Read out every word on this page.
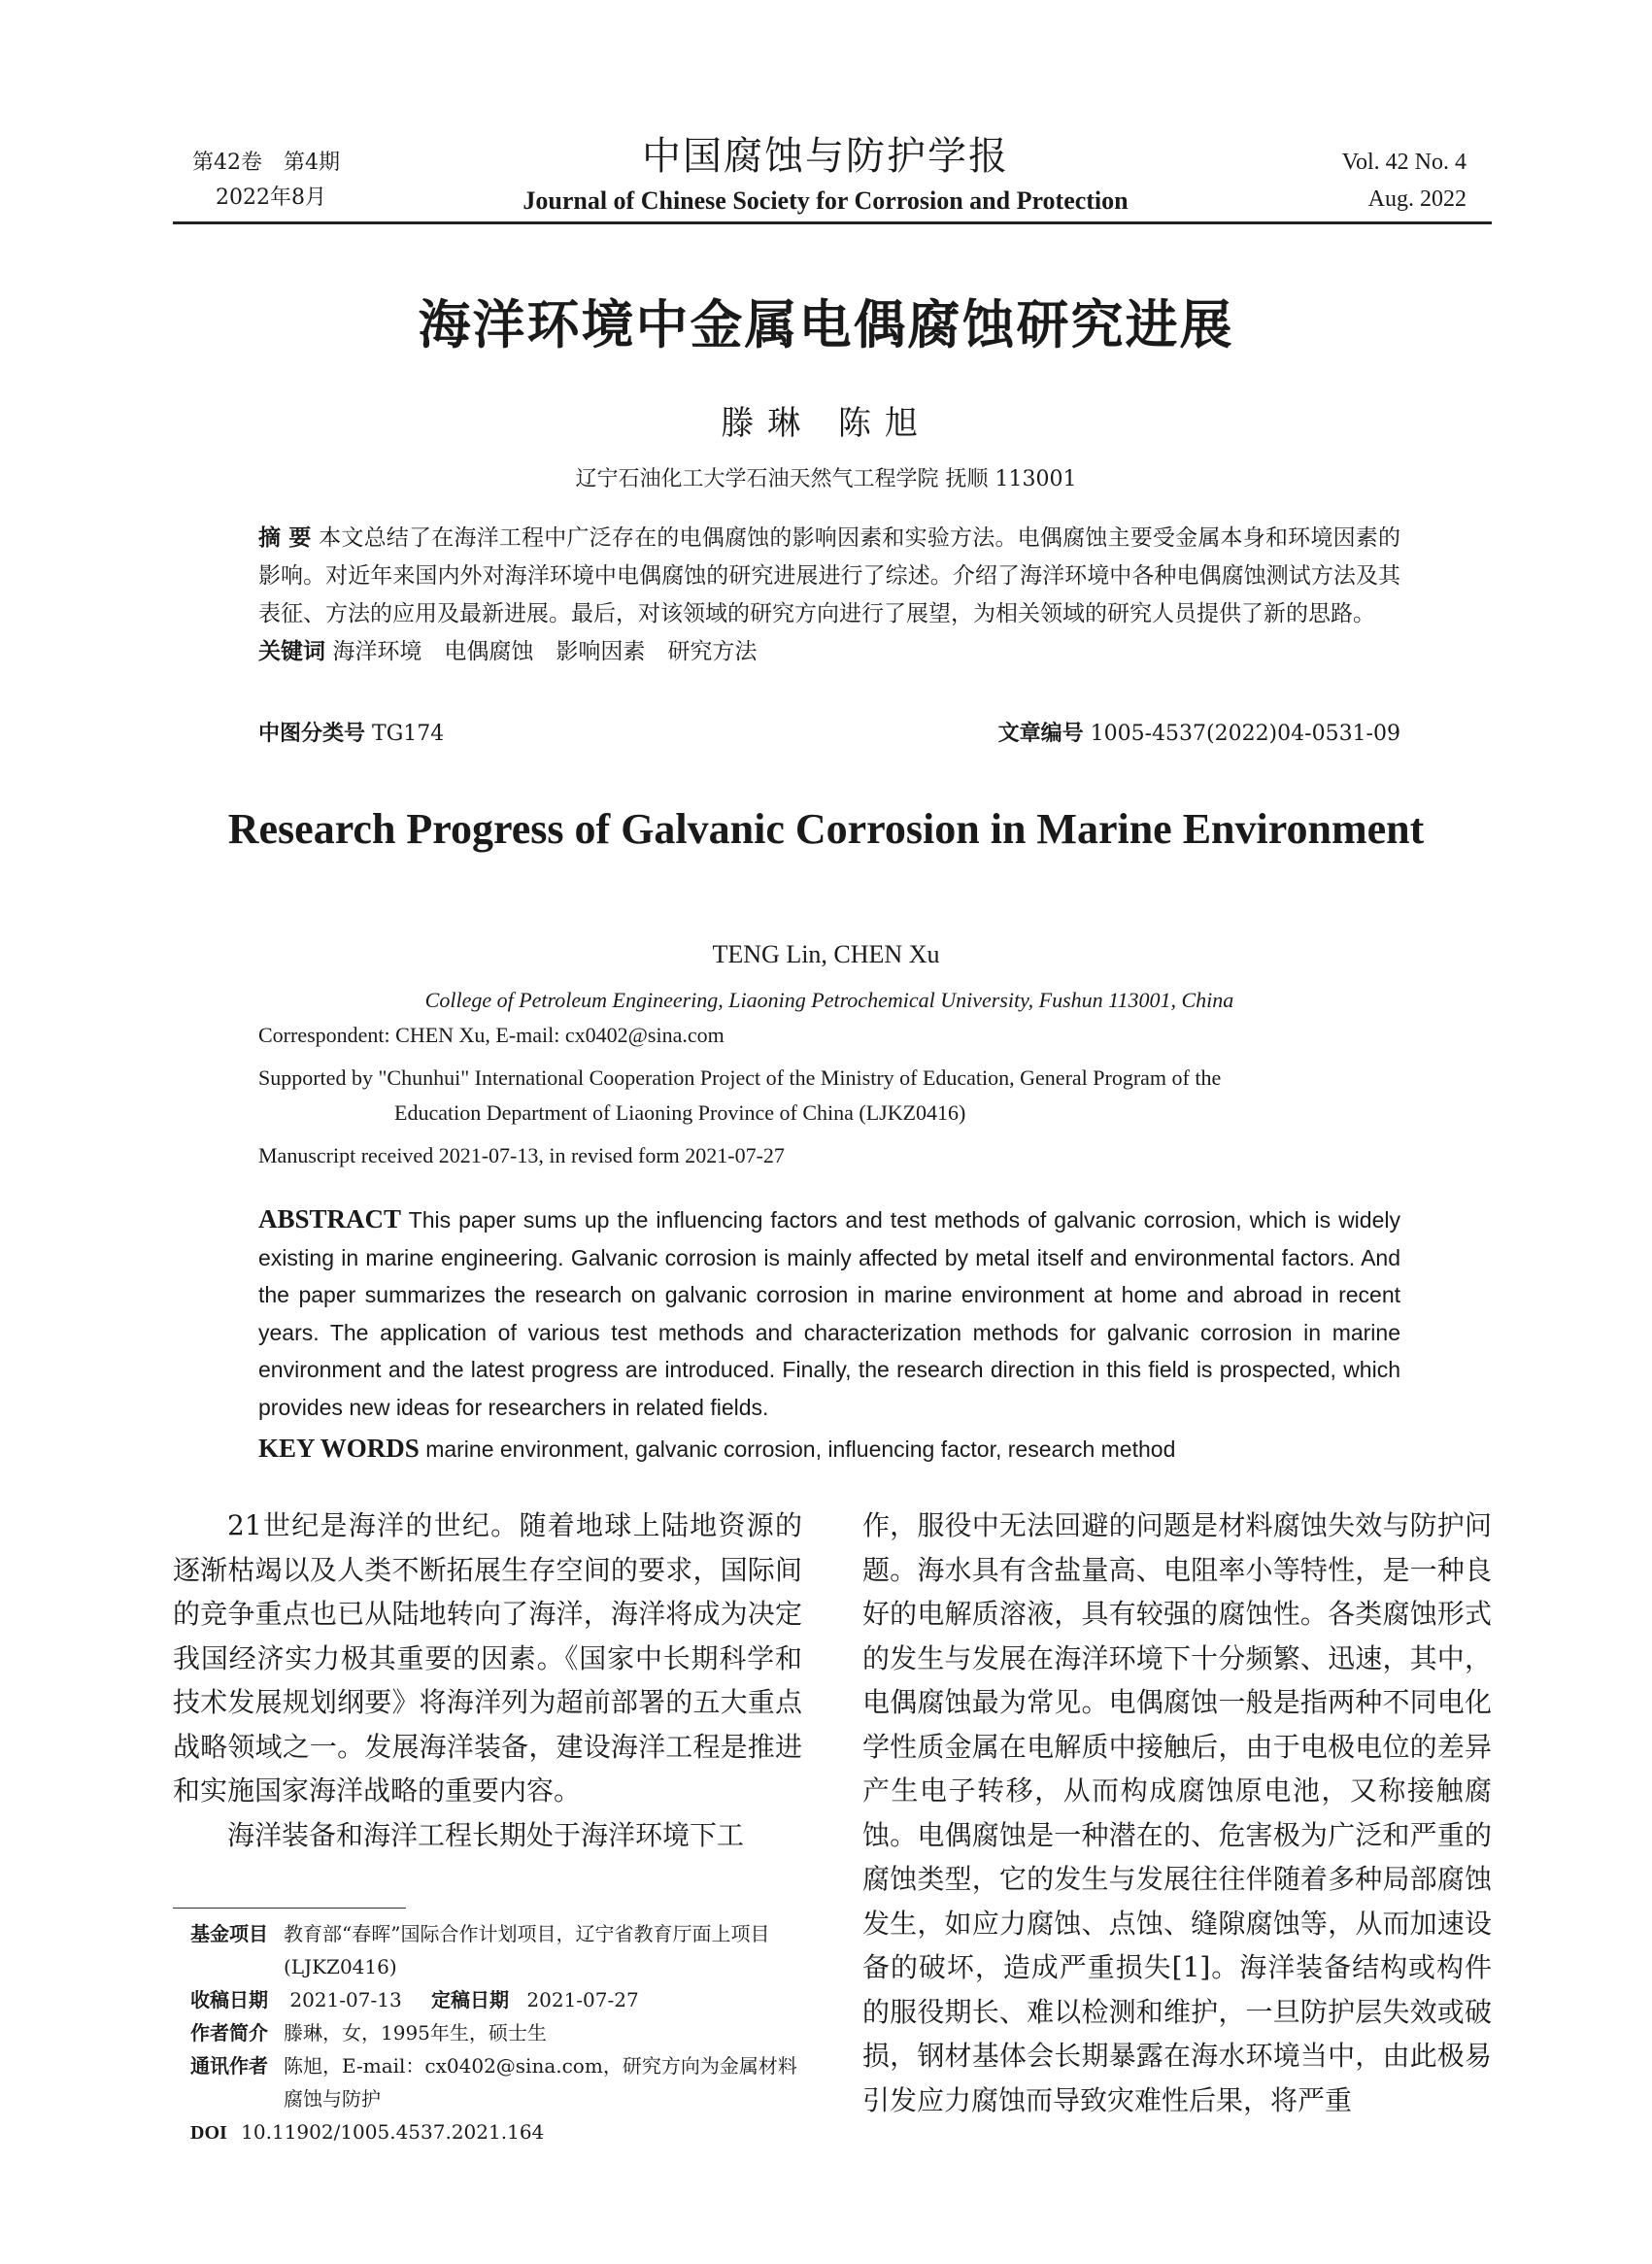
第42卷　第4期
2022年8月
中国腐蚀与防护学报
Journal of Chinese Society for Corrosion and Protection
Vol. 42 No. 4
Aug. 2022
海洋环境中金属电偶腐蚀研究进展
滕琳 陈旭
辽宁石油化工大学石油天然气工程学院 抚顺 113001
摘 要 本文总结了在海洋工程中广泛存在的电偶腐蚀的影响因素和实验方法。电偶腐蚀主要受金属本身和环境因素的影响。对近年来国内外对海洋环境中电偶腐蚀的研究进展进行了综述。介绍了海洋环境中各种电偶腐蚀测试方法及其表征、方法的应用及最新进展。最后，对该领域的研究方向进行了展望，为相关领域的研究人员提供了新的思路。
关键词 海洋环境　电偶腐蚀　影响因素　研究方法
中图分类号 TG174	文章编号 1005-4537(2022)04-0531-09
Research Progress of Galvanic Corrosion in Marine Environment
TENG Lin, CHEN Xu
College of Petroleum Engineering, Liaoning Petrochemical University, Fushun 113001, China
Correspondent: CHEN Xu, E-mail: cx0402@sina.com
Supported by "Chunhui" International Cooperation Project of the Ministry of Education, General Program of the
Education Department of Liaoning Province of China (LJKZ0416)
Manuscript received 2021-07-13, in revised form 2021-07-27
ABSTRACT This paper sums up the influencing factors and test methods of galvanic corrosion, which is widely existing in marine engineering. Galvanic corrosion is mainly affected by metal itself and environmental factors. And the paper summarizes the research on galvanic corrosion in marine environment at home and abroad in recent years. The application of various test methods and characterization methods for galvanic corrosion in marine environment and the latest progress are introduced. Finally, the research direction in this field is prospected, which provides new ideas for researchers in related fields.
KEY WORDS marine environment, galvanic corrosion, influencing factor, research method

21世纪是海洋的世纪。随着地球上陆地资源的逐渐枯竭以及人类不断拓展生存空间的要求，国际间的竞争重点也已从陆地转向了海洋，海洋将成为决定我国经济实力极其重要的因素。《国家中长期科学和技术发展规划纲要》将海洋列为超前部署的五大重点战略领域之一。发展海洋装备，建设海洋工程是推进和实施国家海洋战略的重要内容。

海洋装备和海洋工程长期处于海洋环境下工

作，服役中无法回避的问题是材料腐蚀失效与防护问题。海水具有含盐量高、电阻率小等特性，是一种良好的电解质溶液，具有较强的腐蚀性。各类腐蚀形式的发生与发展在海洋环境下十分频繁、迅速，其中，电偶腐蚀最为常见。电偶腐蚀一般是指两种不同电化学性质金属在电解质中接触后，由于电极电位的差异产生电子转移，从而构成腐蚀原电池，又称接触腐蚀。电偶腐蚀是一种潜在的、危害极为广泛和严重的腐蚀类型，它的发生与发展往往伴随着多种局部腐蚀发生，如应力腐蚀、点蚀、缝隙腐蚀等，从而加速设备的破坏，造成严重损失[1]。海洋装备结构或构件的服役期长、难以检测和维护，一旦防护层失效或破损，钢材基体会长期暴露在海水环境当中，由此极易引发应力腐蚀而导致灾难性后果，将严重

基金项目 教育部“春晖”国际合作计划项目，辽宁省教育厅面上项目 (LJKZ0416)
收稿日期 2021-07-13 定稿日期 2021-07-27
作者简介 滕琳，女，1995年生，硕士生
通讯作者 陈旭，E-mail：cx0402@sina.com，研究方向为金属材料腐蚀与防护
DOI 10.11902/1005.4537.2021.164
